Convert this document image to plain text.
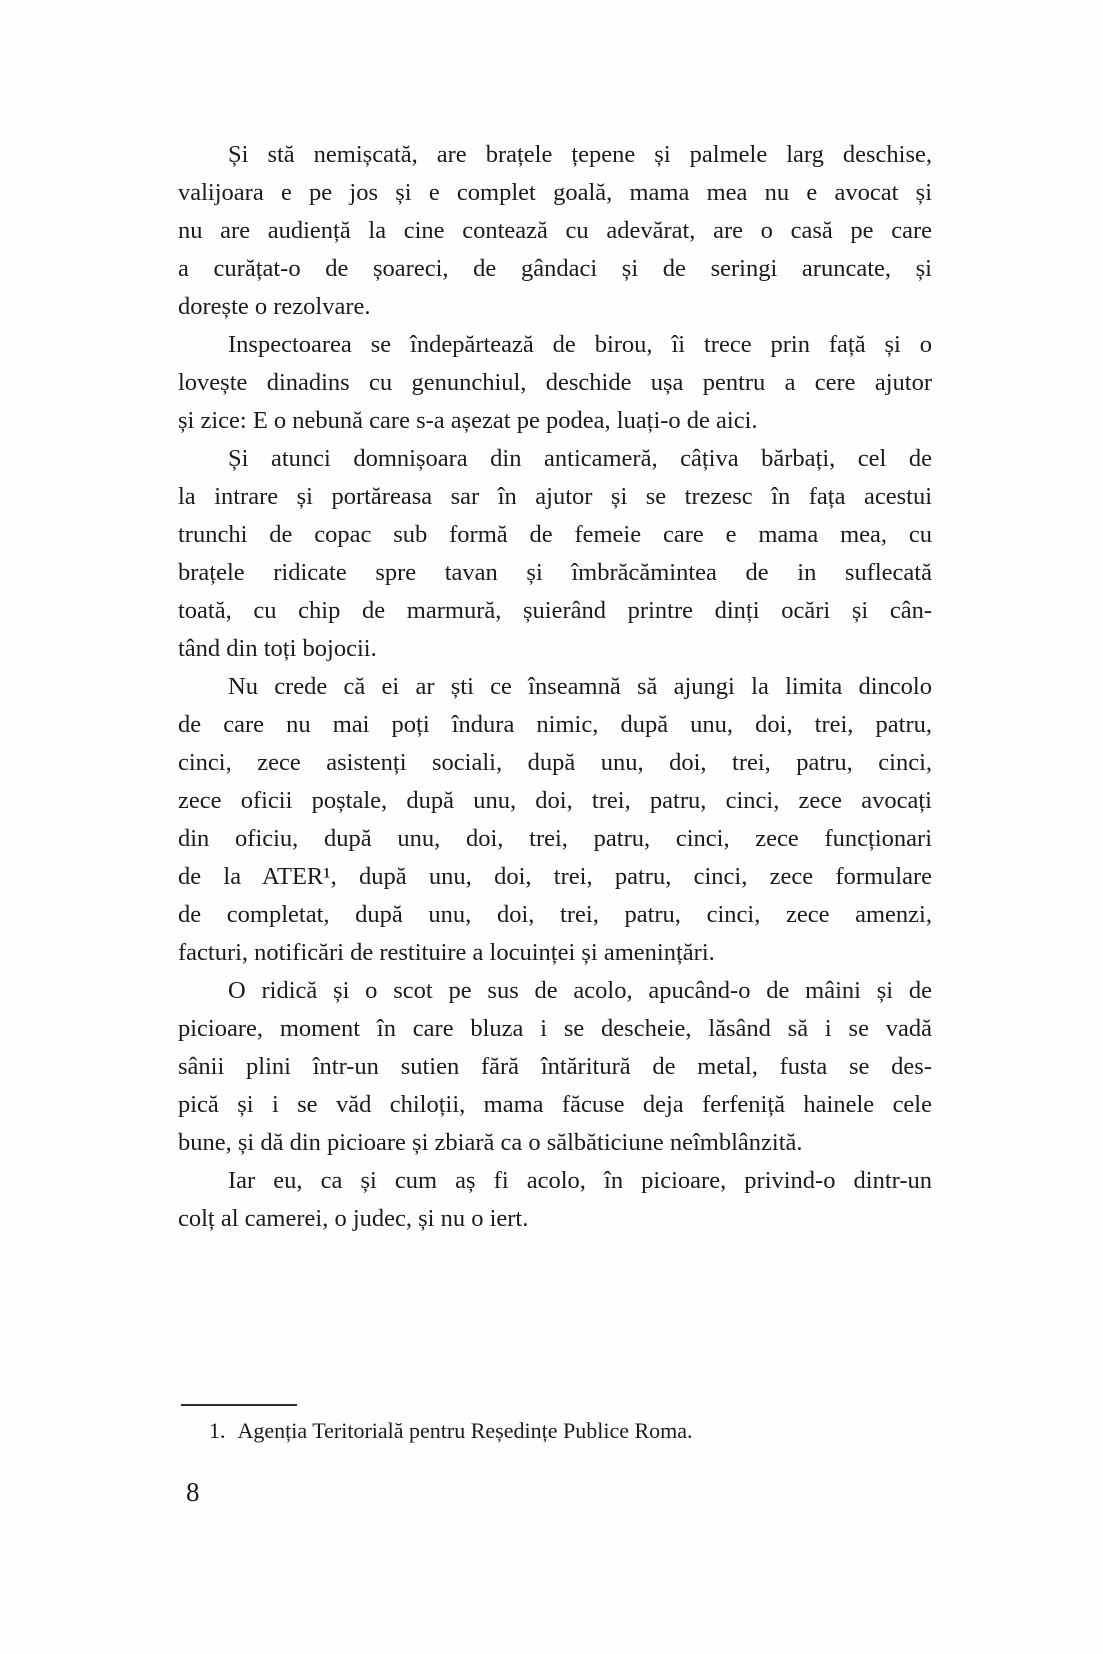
Și stă nemișcată, are brațele țepene și palmele larg deschise,
valijoara e pe jos și e complet goală, mama mea nu e avocat și
nu are audiență la cine contează cu adevărat, are o casă pe care
a curățat-o de șoareci, de gândaci și de seringi aruncate, și
dorește o rezolvare.
Inspectoarea se îndepărtează de birou, îi trece prin față și o
lovește dinadins cu genunchiul, deschide ușa pentru a cere ajutor
și zice: E o nebună care s-a așezat pe podea, luați-o de aici.
Și atunci domnișoara din anticameră, câțiva bărbați, cel de
la intrare și portăreasa sar în ajutor și se trezesc în fața acestui
trunchi de copac sub formă de femeie care e mama mea, cu
brațele ridicate spre tavan și îmbrăcămintea de in suflecată
toată, cu chip de marmură, șuierând printre dinți ocări și cân-
tând din toți bojocii.
Nu crede că ei ar ști ce înseamnă să ajungi la limita dincolo
de care nu mai poți îndura nimic, după unu, doi, trei, patru,
cinci, zece asistenți sociali, după unu, doi, trei, patru, cinci,
zece oficii poștale, după unu, doi, trei, patru, cinci, zece avocați
din oficiu, după unu, doi, trei, patru, cinci, zece funcționari
de la ATER¹, după unu, doi, trei, patru, cinci, zece formulare
de completat, după unu, doi, trei, patru, cinci, zece amenzi,
facturi, notificări de restituire a locuinței și amenințări.
O ridică și o scot pe sus de acolo, apucând-o de mâini și de
picioare, moment în care bluza i se descheie, lăsând să i se vadă
sânii plini într-un sutien fără întăritură de metal, fusta se des-
pică și i se văd chiloții, mama făcuse deja ferfeniță hainele cele
bune, și dă din picioare și zbiară ca o sălbăticiune neîmblânzită.
Iar eu, ca și cum aș fi acolo, în picioare, privind-o dintr-un
colț al camerei, o judec, și nu o iert.
1. Agenția Teritorială pentru Reședințe Publice Roma.
8
